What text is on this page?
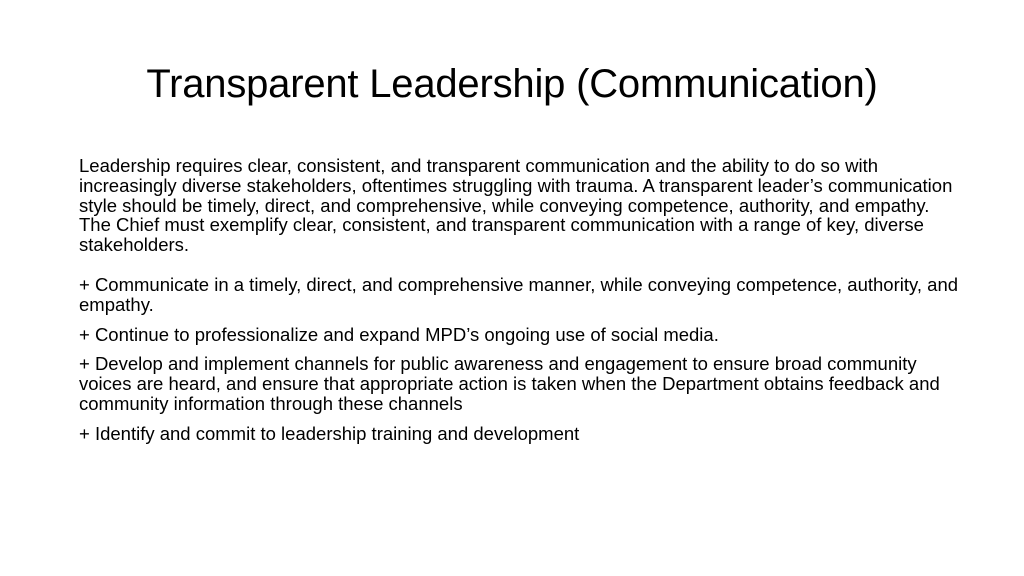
Transparent Leadership (Communication)

Leadership requires clear, consistent, and transparent communication and the ability to do so with increasingly diverse stakeholders, oftentimes struggling with trauma. A transparent leader’s communication style should be timely, direct, and comprehensive, while conveying competence, authority, and empathy. The Chief must exemplify clear, consistent, and transparent communication with a range of key, diverse stakeholders.

+ Communicate in a timely, direct, and comprehensive manner, while conveying competence, authority, and empathy.

+ Continue to professionalize and expand MPD’s ongoing use of social media.

+ Develop and implement channels for public awareness and engagement to ensure broad community voices are heard, and ensure that appropriate action is taken when the Department obtains feedback and community information through these channels

+ Identify and commit to leadership training and development
